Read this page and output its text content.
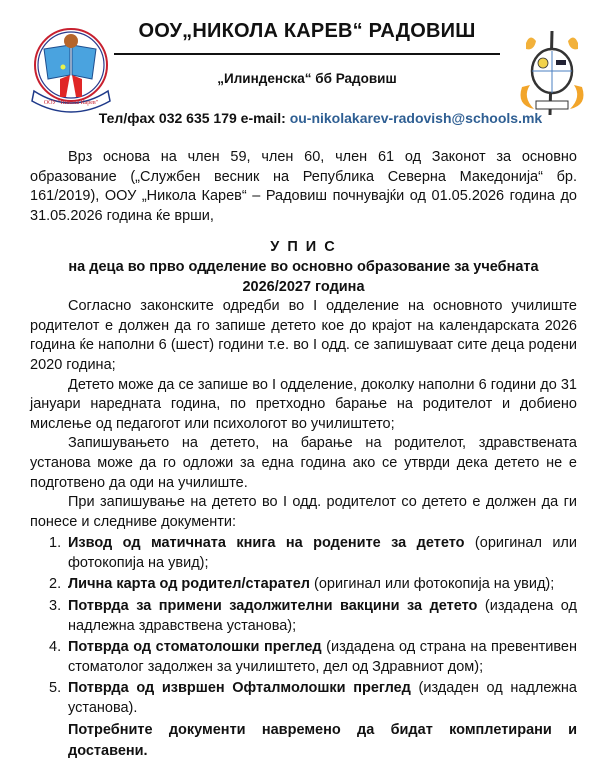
ООУ "Никола Карев"
ООУ„НИКОЛА КАРЕВ“ РАДОВИШ
„Илинденска“ бб Радовиш
Тел/фах 032 635 179 e-mail: ou-nikolakarev-radovish@schools.mk

Врз основа на член 59, член 60, член 61 од Законот за основно образование („Службен весник на Република Северна Македонија“ бр. 161/2019), ООУ „Никола Карев“ – Радовиш почнувајќи од 01.05.2026 година до 31.05.2026 година ќе врши,

У П И С
на деца во прво одделение во основно образование за учебната
2026/2027 година

Согласно законските одредби во I одделение на основното училиште родителот е должен да го запише детето кое до крајот на календарската 2026 година ќе наполни 6 (шест) години т.е. во I одд. се запишуваат сите деца родени 2020 година;

Детето може да се запише во I одделение, доколку наполни 6 години до 31 јануари наредната година, по претходно барање на родителот и добиено мислење од педагогот или психологот во училиштето;

Запишувањето на детето, на барање на родителот, здравствената установа може да го одложи за една година ако се утврди дека детето не е подготвено да оди на училиште.

При запишување на детето во I одд. родителот со детето е должен да ги понесе и следниве документи:

1. Извод од матичната книга на родените за детето (оригинал или фотокопија на увид);
2. Лична карта од родител/старател (оригинал или фотокопија на увид);
3. Потврда за примени задолжителни вакцини за детето (издадена од надлежна здравствена установа);
4. Потврда од стоматолошки преглед (издадена од страна на превентивен стоматолог задолжен за училиштето, дел од Здравниот дом);
5. Потврда од извршен Офталмолошки преглед (издаден од надлежна установа).
Потребните документи навремено да бидат комплетирани и
доставени.
